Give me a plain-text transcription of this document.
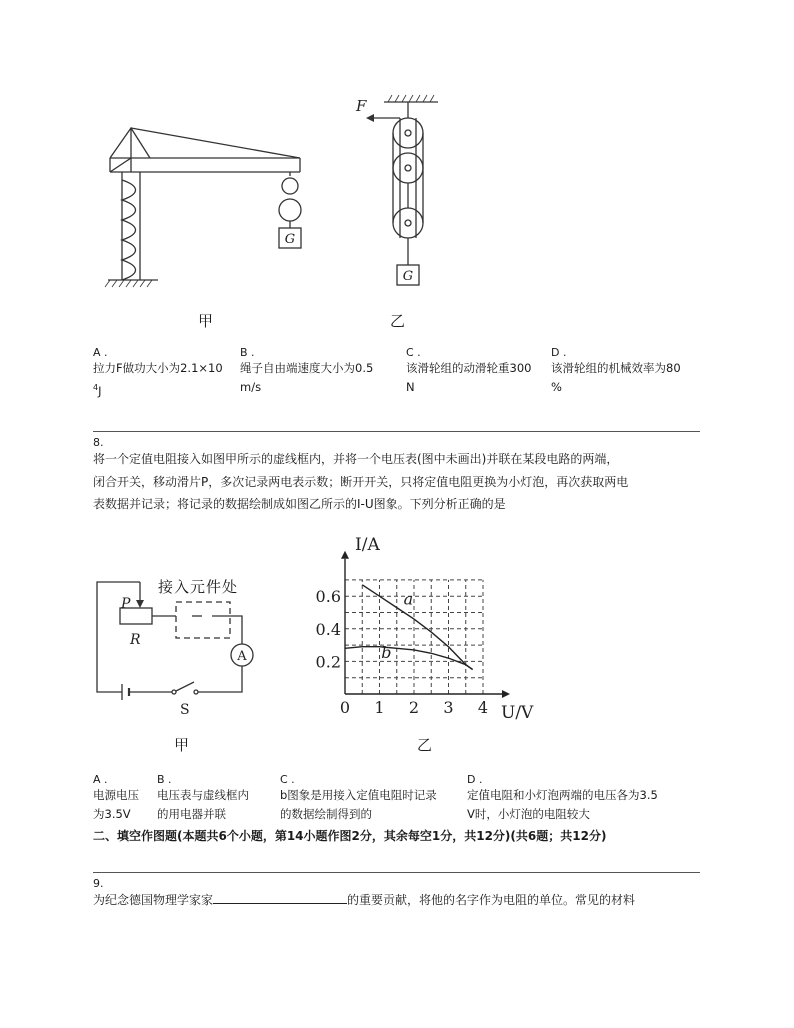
G
F
G
甲	乙
A .
拉力F做功大小为2.1×10
$^4$J
B .
绳子自由端速度大小为0.5
m/s
C .
该滑轮组的动滑轮重300
N
D .
该滑轮组的机械效率为80
%
8.
将一个定值电阻接入如图甲所示的虚线框内，并将一个电压表(图中未画出)并联在某段电路的两端，
闭合开关，移动滑片P，多次记录两电表示数；断开开关，只将定值电阻更换为小灯泡，再次获取两电
表数据并记录；将记录的数据绘制成如图乙所示的I-U图象。下列分析正确的是
A
P
R
S
接入元件处
甲
0 1 2 3 4
0.2
0.4
0.6	a
b
I/A
U/V
乙
A .
电源电压
为3.5V
B .
电压表与虚线框内
的用电器并联
C .
b图象是用接入定值电阻时记录
的数据绘制得到的
D .
定值电阻和小灯泡两端的电压各为3.5
V时，小灯泡的电阻较大
二、填空作图题(本题共6个小题，第14小题作图2分，其余每空1分，共12分)(共6题；共12分)
9.
为纪念德国物理学家家	的重要贡献，将他的名字作为电阻的单位。常见的材料
